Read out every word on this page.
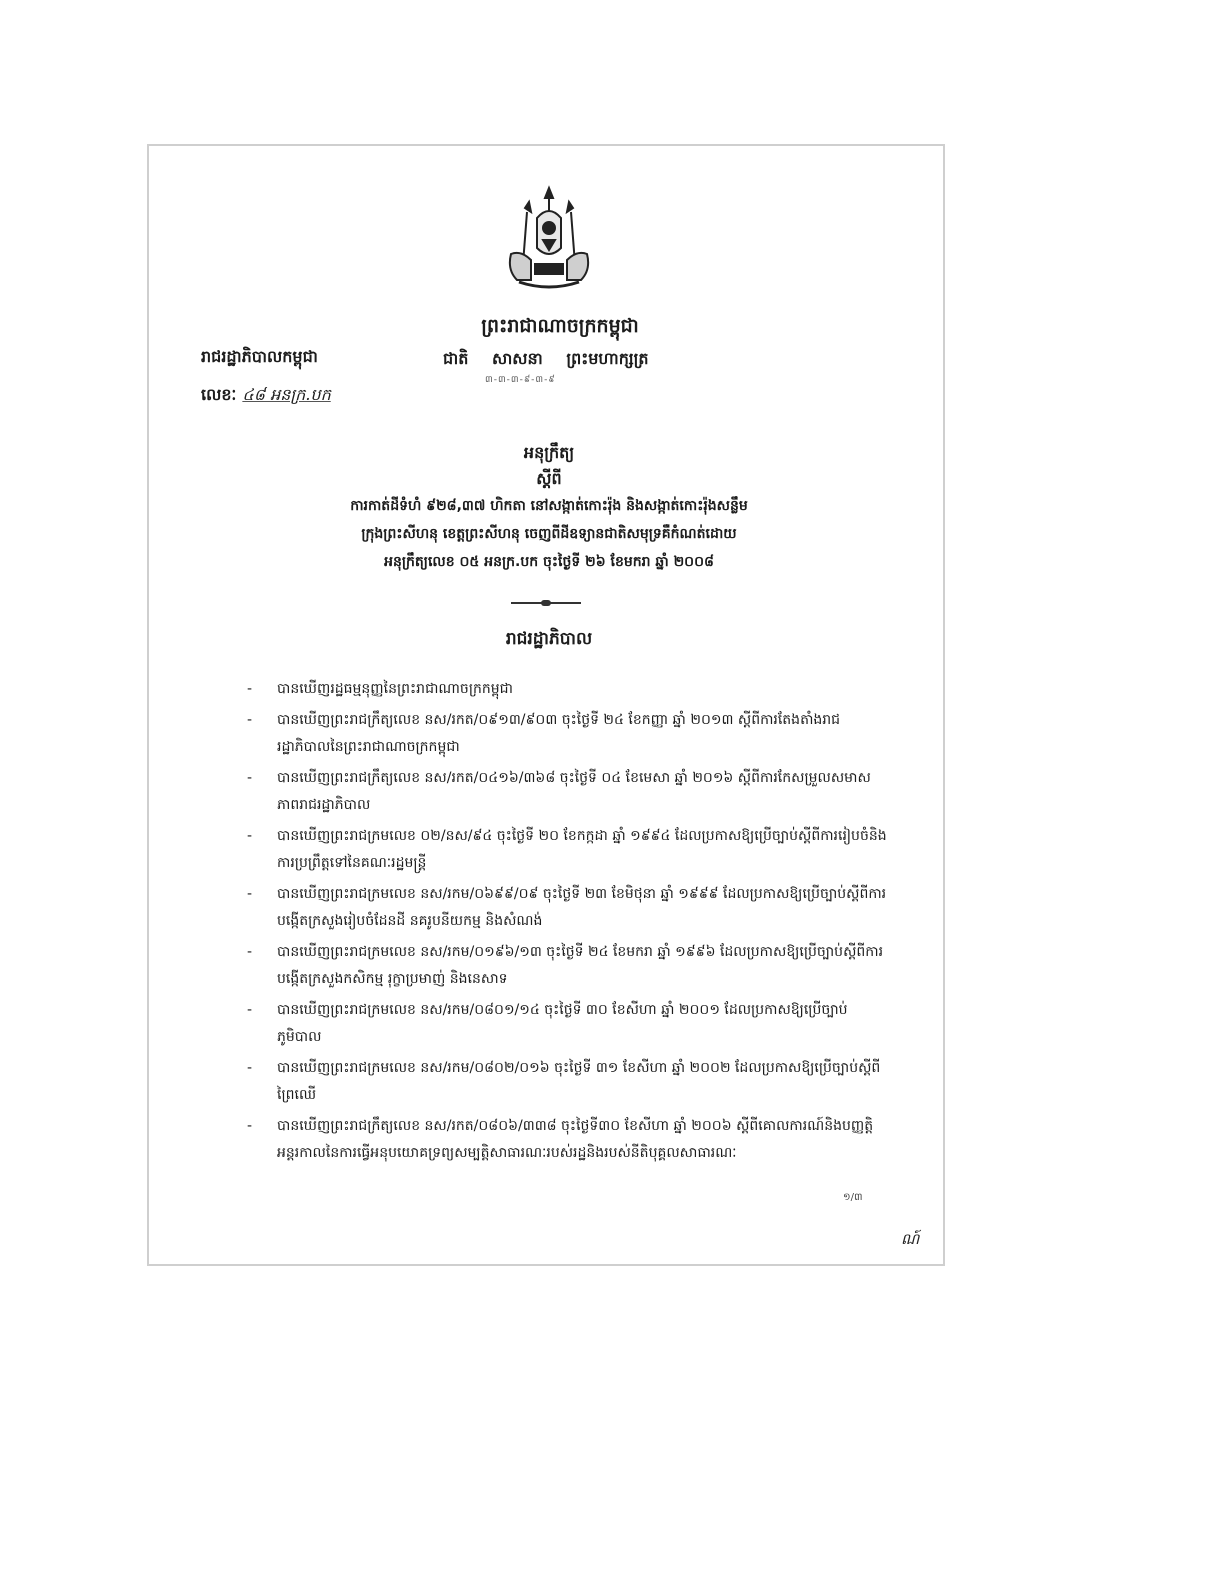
ព្រះរាជាណាចក្រកម្ពុជា
រាជរដ្ឋាភិបាលកម្ពុជា	ជាតិ សាសនា ព្រះមហាក្សត្រ
៣-៣-៣-៩-៣-៩
លេខៈ ៤៨ អនក្រ.បក
អនុក្រឹត្យ
ស្តីពី
ការកាត់ដីទំហំ ៩២៨,៣៧ ហិកតា នៅសង្កាត់កោះរ៉ុង និងសង្កាត់កោះរ៉ុងសន្លឹម
ក្រុងព្រះសីហនុ ខេត្តព្រះសីហនុ ចេញពីដីឧទ្យានជាតិសមុទ្រគឺកំណត់ដោយ
អនុក្រឹត្យលេខ ០៥ អនក្រ.បក ចុះថ្ងៃទី ២៦ ខែមករា ឆ្នាំ ២០០៨
រាជរដ្ឋាភិបាល
- បានឃើញរដ្ឋធម្មនុញ្ញនៃព្រះរាជាណាចក្រកម្ពុជា
- បានឃើញព្រះរាជក្រឹត្យលេខ នស/រកត/០៩១៣/៩០៣ ចុះថ្ងៃទី ២៤ ខែកញ្ញា ឆ្នាំ ២០១៣ ស្តីពីការតែងតាំងរាជរដ្ឋាភិបាលនៃព្រះរាជាណាចក្រកម្ពុជា
- បានឃើញព្រះរាជក្រឹត្យលេខ នស/រកត/០៤១៦/៣៦៨ ចុះថ្ងៃទី ០៤ ខែមេសា ឆ្នាំ ២០១៦ ស្តីពីការកែសម្រួលសមាសភាពរាជរដ្ឋាភិបាល
- បានឃើញព្រះរាជក្រមលេខ ០២/នស/៩៤ ចុះថ្ងៃទី ២០ ខែកក្កដា ឆ្នាំ ១៩៩៤ ដែលប្រកាសឱ្យប្រើច្បាប់ស្តីពីការរៀបចំនិងការប្រព្រឹត្តទៅនៃគណៈរដ្ឋមន្ត្រី
- បានឃើញព្រះរាជក្រមលេខ នស/រកម/០៦៩៩/០៩ ចុះថ្ងៃទី ២៣ ខែមិថុនា ឆ្នាំ ១៩៩៩ ដែលប្រកាសឱ្យប្រើច្បាប់ស្តីពីការបង្កើតក្រសួងរៀបចំដែនដី នគរូបនីយកម្ម និងសំណង់
- បានឃើញព្រះរាជក្រមលេខ នស/រកម/០១៩៦/១៣ ចុះថ្ងៃទី ២៤ ខែមករា ឆ្នាំ ១៩៩៦ ដែលប្រកាសឱ្យប្រើច្បាប់ស្តីពីការបង្កើតក្រសួងកសិកម្ម រុក្ខាប្រមាញ់ និងនេសាទ
- បានឃើញព្រះរាជក្រមលេខ នស/រកម/០៨០១/១៤ ចុះថ្ងៃទី ៣០ ខែសីហា ឆ្នាំ ២០០១ ដែលប្រកាសឱ្យប្រើច្បាប់ភូមិបាល
- បានឃើញព្រះរាជក្រមលេខ នស/រកម/០៨០២/០១៦ ចុះថ្ងៃទី ៣១ ខែសីហា ឆ្នាំ ២០០២ ដែលប្រកាសឱ្យប្រើច្បាប់ស្តីពីព្រៃឈើ
- បានឃើញព្រះរាជក្រឹត្យលេខ នស/រកត/០៨០៦/៣៣៨ ចុះថ្ងៃទី៣០ ខែសីហា ឆ្នាំ ២០០៦ ស្តីពីគោលការណ៍និងបញ្ញត្តិអន្តរកាលនៃការធ្វើអនុបយោគទ្រព្យសម្បត្តិសាធារណៈរបស់រដ្ឋនិងរបស់នីតិបុគ្គលសាធារណៈ
១/៣
ណ៍
